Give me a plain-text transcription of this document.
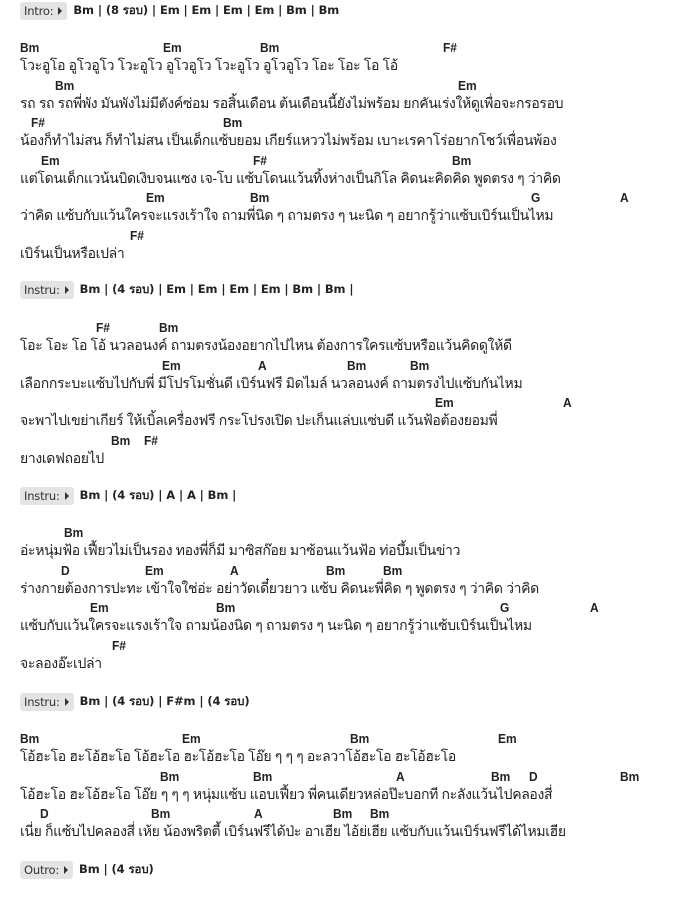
Intro: Bm | (8 รอบ) | Em | Em | Em | Em | Bm | Bm
Bm	Em	Bm	F#
โวะอูโอ อูโวอูโว โวะอูโว อูโวอูโว โวะอูโว อูโวอูโว โอะ โอะ โอ โอ้
Bm	Em
รถ รถ รถพี่พัง มันพังไม่มีตังค์ซ่อม รอสิ้นเดือน ต้นเดือนนี้ยังไม่พร้อม ยกคันเร่งให้ดูเพื่อจะกรอรอบ
F#	Bm
น้องก็ทำไม่สน ก็ทำไม่สน เป็นเด็กแซ้บยอม เกียร์แหววไม่พร้อม เบาะเรคาโร่อยากโชว์เพื่อนพ้อง
Em	F#	Bm
แต่โดนเด็กแวน้นบิดเงิบจนแซง เจ-โบ แซ้บโดนแว้นทิ้งห่างเป็นกิโล คิดนะคิดคิด พูดตรง ๆ ว่าคิด
Em	Bm	G	A
ว่าคิด แซ้บกับแว้นใครจะแรงเร้าใจ ถามพี่นิด ๆ ถามตรง ๆ นะนิด ๆ อยากรู้ว่าแซ้บเบิร์นเป็นไหม
F#
เบิร์นเป็นหรือเปล่า
Instru: Bm | (4 รอบ) | Em | Em | Em | Em | Bm | Bm |
F#	Bm
โอะ โอะ โอ โอ้ นวลอนงค์ ถามตรงน้องอยากไปไหน ต้องการใครแซ้บหรือแว้นคิดดูให้ดี
Em	A	Bm	Bm
เลือกกระบะแซ้บไปกับพี่ มีโปรโมชั่นดี เบิร์นฟรี มิดไมล์ นวลอนงค์ ถามตรงไปแซ้บกันไหม
Em	A
จะพาไปเขย่าเกียร์ ให้เบิ้ลเครื่องฟรี กระโปรงเปิด ปะเก็นแล่บแซ่บดี แว้นฟ้อต้องยอมพี่
Bm F#
ยางเดฟถอยไป
Instru: Bm | (4 รอบ) | A | A | Bm |
Bm
อ่ะหนุ่มฟ้อ เฟี้ยวไม่เป็นรอง ทองพี่ก็มี มาซิสก๊อย มาซ้อนแว้นฟ้อ ท่อบึ้มเป็นข่าว
D	Em	A	Bm	Bm
ร่างกายต้องการปะทะ เข้าใจใช่อ่ะ อย่าวัดเดี๋ยวยาว แซ้บ คิดนะพี่คิด ๆ พูดตรง ๆ ว่าคิด ว่าคิด
Em	Bm	G	A
แซ้บกับแว้นใครจะแรงเร้าใจ ถามน้องนิด ๆ ถามตรง ๆ นะนิด ๆ อยากรู้ว่าแซ้บเบิร์นเป็นไหม
F#
จะลองอ๊ะเปล่า
Instru: Bm | (4 รอบ) | F#m | (4 รอบ)
Bm	Em	Bm	Em
โอ้ฮะโอ ฮะโอ้ฮะโอ โอ้ฮะโอ ฮะโอ้ฮะโอ โอ๊ย ๆ ๆ ๆ อะลวาโอ้ฮะโอ ฮะโอ้ฮะโอ
Bm	Bm	A	Bm D	Bm
โอ้ฮะโอ ฮะโอ้ฮะโอ โอ๊ย ๆ ๆ ๆ หนุ่มแซ้บ แอบเฟี้ยว พี่คนเดียวหล่อป๊ะบอกที กะลังแว้นไปคลองสี่
D	Bm	A	Bm Bm
เนี่ย ก็แซ้บไปคลองสี่ เห้ย น้องพริตตี้ เบิร์นฟรีได้ป่ะ อาเฮีย ไอ้ย่เฮีย แซ้บกับแว้นเบิร์นฟรีได้ไหมเฮีย
Outro: Bm | (4 รอบ)
